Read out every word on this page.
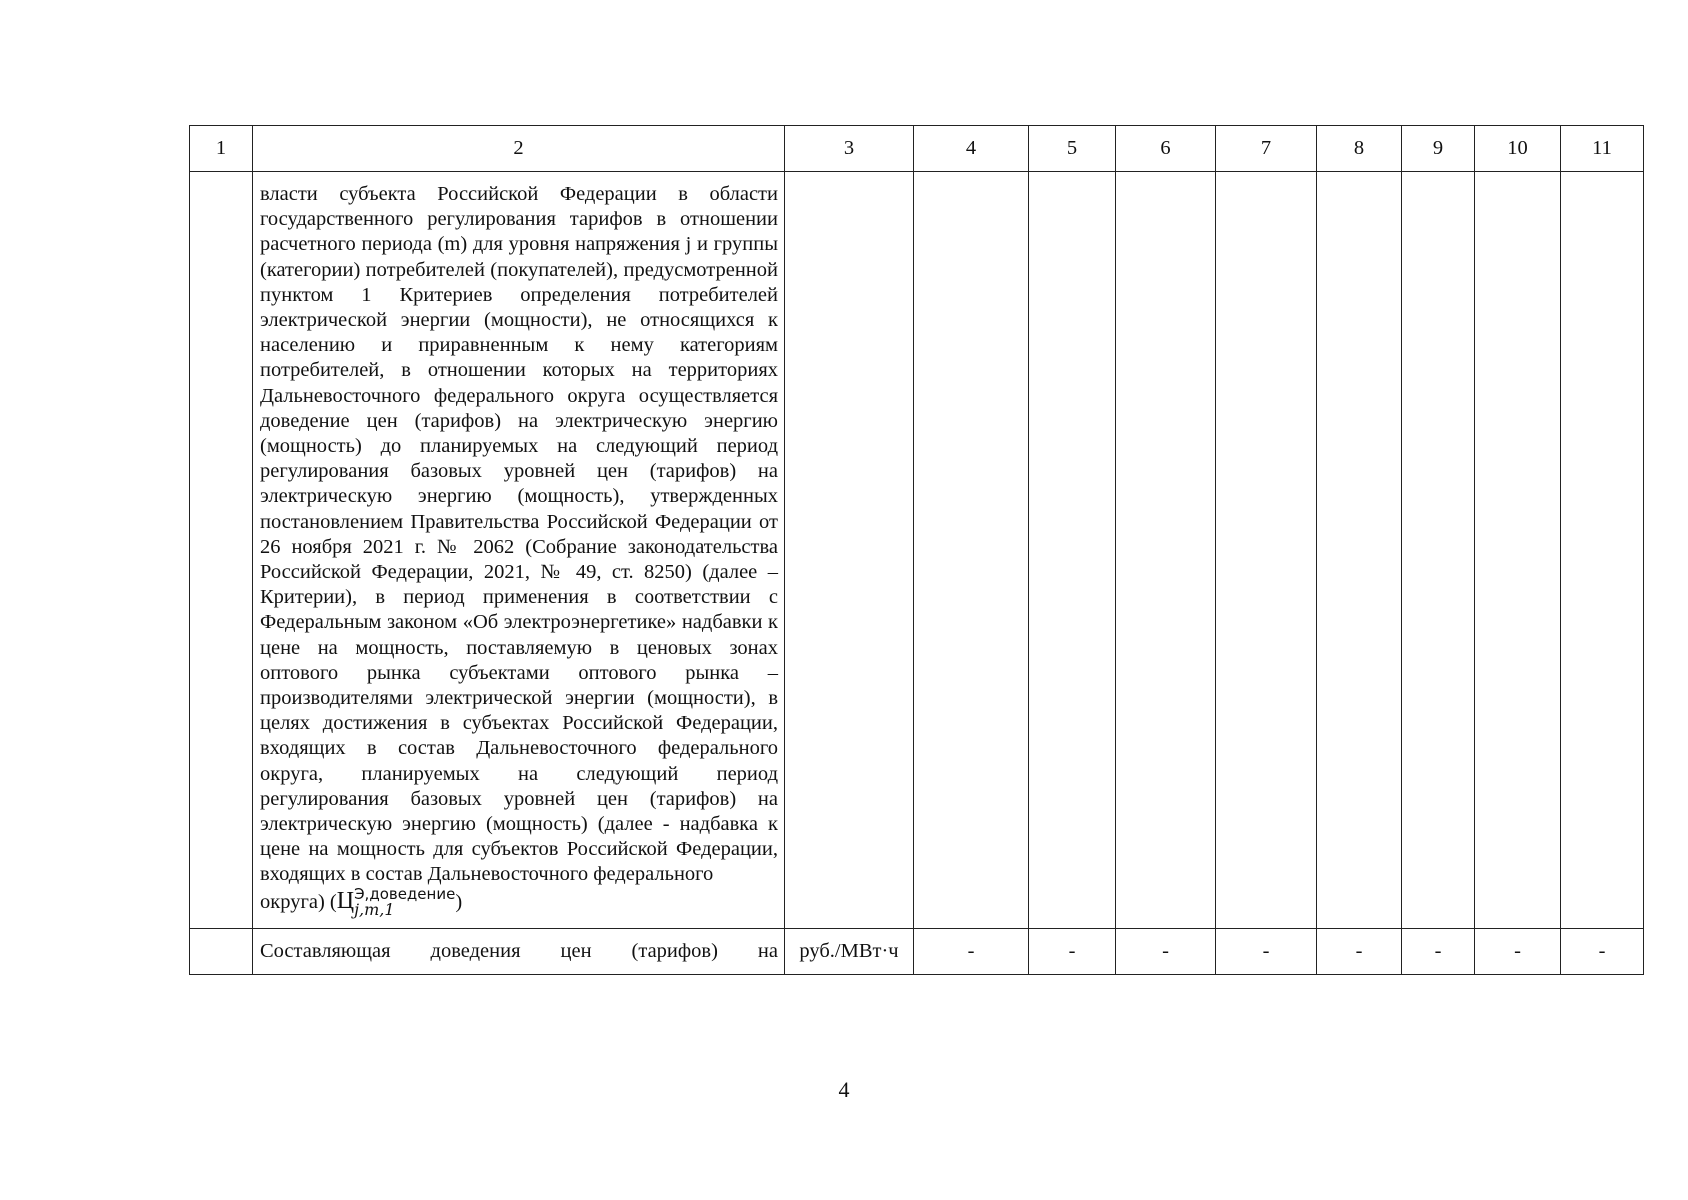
1	2	3	4	5	6	7	8	9	10	11

	власти субъекта Российской Федерации в области государственного регулирования тарифов в отношении расчетного периода (m) для уровня напряжения j и группы (категории) потребителей (покупателей), предусмотренной пунктом 1 Критериев определения потребителей электрической энергии (мощности), не относящихся к населению и приравненным к нему категориям потребителей, в отношении которых на территориях Дальневосточного федерального округа осуществляется доведение цен (тарифов) на электрическую энергию (мощность) до планируемых на следующий период регулирования базовых уровней цен (тарифов) на электрическую энергию (мощность), утвержденных постановлением Правительства Российской Федерации от 26 ноября 2021 г. № 2062 (Собрание законодательства Российской Федерации, 2021, № 49, ст. 8250) (далее – Критерии), в период применения в соответствии с Федеральным законом «Об электроэнергетике» надбавки к цене на мощность, поставляемую в ценовых зонах оптового рынка субъектами оптового рынка – производителями электрической энергии (мощности), в целях достижения в субъектах Российской Федерации, входящих в состав Дальневосточного федерального округа, планируемых на следующий период регулирования базовых уровней цен (тарифов) на электрическую энергию (мощность) (далее - надбавка к цене на мощность для субъектов Российской Федерации, входящих в состав Дальневосточного федерального
округа) (Ц Э,доведение
j,m,1 )									
	Составляющая доведения цен (тарифов) на	руб./МВт·ч	-	-	-	-	-	-	-	-
4
